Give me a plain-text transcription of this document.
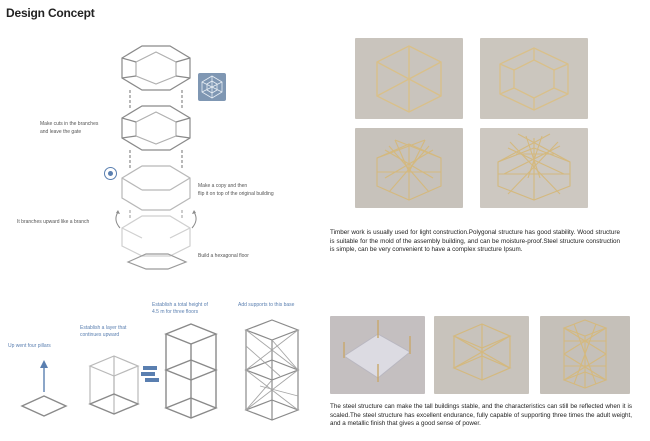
Design Concept
Make cuts in the branches
and leave the gate
Make a copy and then
flip it on top of the original building
It branches upward like a branch
Build a hexagonal floor
Timber work is usually used for light construction.Polygonal structure has good stability. Wood structure is suitable for the mold of the assembly building, and can be moisture-proof.Steel structure construction is simple, can be very convenient to have a complex structure Ipsum.
Up went four pillars
Establish a layer that
continues upward
Establish a total height of
4.5 m for three floors
Add supports to this base
The steel structure can make the tall buildings stable, and the characteristics can still be reflected when it is scaled.The steel structure has excellent endurance, fully capable of supporting three times the adult weight, and a metallic finish that gives a good sense of power.
